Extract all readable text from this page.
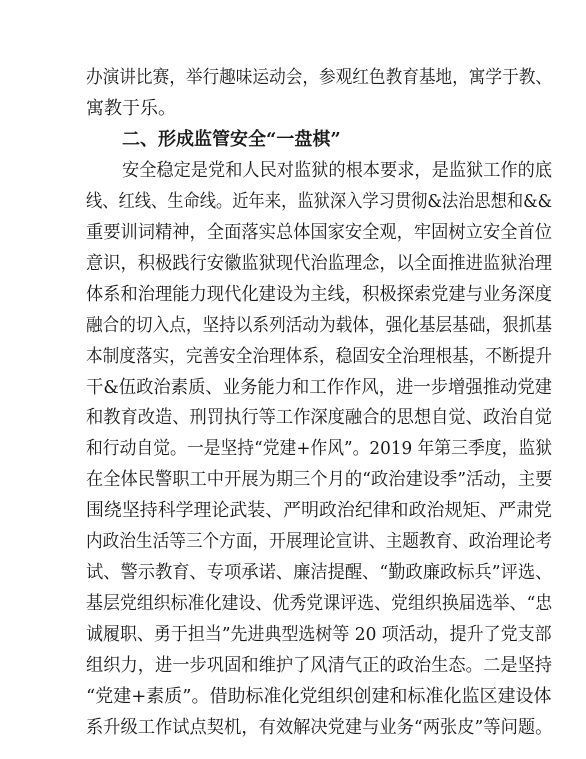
办演讲比赛，举行趣味运动会，参观红色教育基地，寓学于教、
寓教于乐。
二、形成监管安全“一盘棋”
安全稳定是党和人民对监狱的根本要求，是监狱工作的底
线、红线、生命线。近年来，监狱深入学习贯彻&法治思想和&&
重要训词精神，全面落实总体国家安全观，牢固树立安全首位
意识，积极践行安徽监狱现代治监理念，以全面推进监狱治理
体系和治理能力现代化建设为主线，积极探索党建与业务深度
融合的切入点，坚持以系列活动为载体，强化基层基础，狠抓基
本制度落实，完善安全治理体系，稳固安全治理根基，不断提升
干&伍政治素质、业务能力和工作作风，进一步增强推动党建
和教育改造、刑罚执行等工作深度融合的思想自觉、政治自觉
和行动自觉。一是坚持“党建+作风”。2019 年第三季度，监狱
在全体民警职工中开展为期三个月的“政治建设季”活动，主要
围绕坚持科学理论武装、严明政治纪律和政治规矩、严肃党
内政治生活等三个方面，开展理论宣讲、主题教育、政治理论考
试、警示教育、专项承诺、廉洁提醒、“勤政廉政标兵”评选、
基层党组织标准化建设、优秀党课评选、党组织换届选举、“忠
诚履职、勇于担当”先进典型选树等 20 项活动，提升了党支部
组织力，进一步巩固和维护了风清气正的政治生态。二是坚持
“党建+素质”。借助标准化党组织创建和标准化监区建设体
系升级工作试点契机，有效解决党建与业务“两张皮”等问题。
